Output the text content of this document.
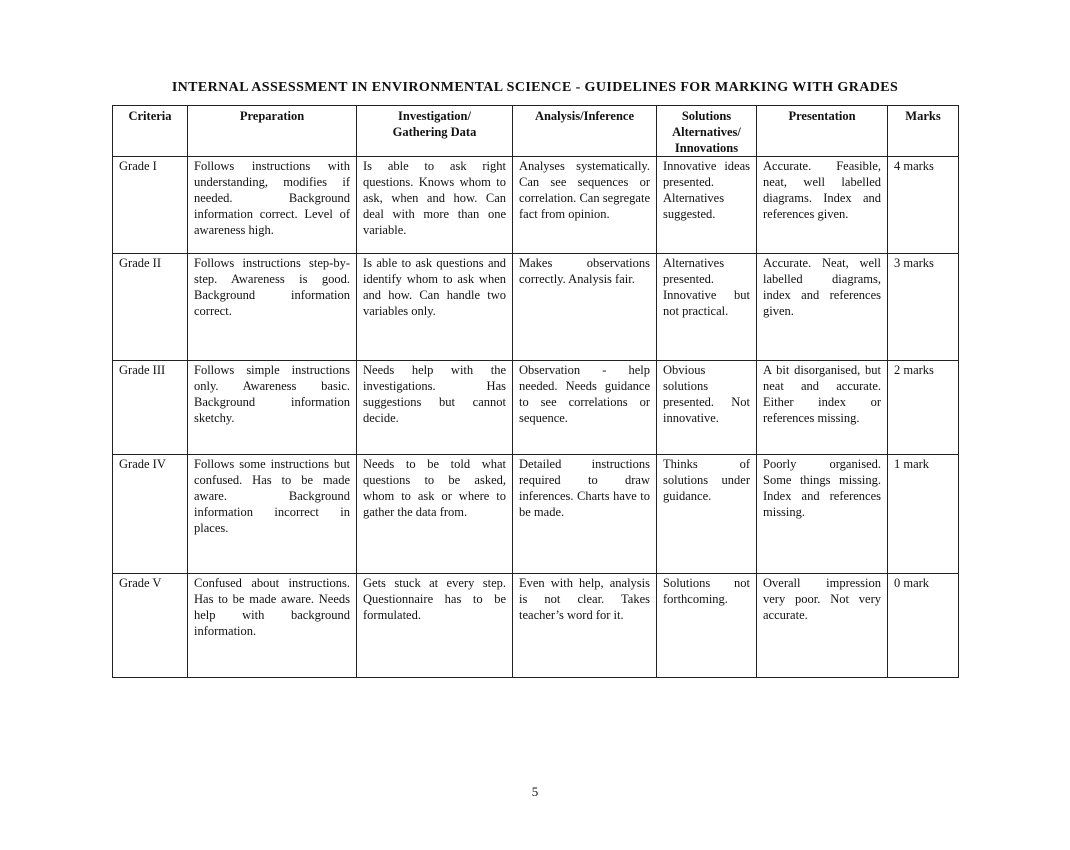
INTERNAL ASSESSMENT IN ENVIRONMENTAL SCIENCE - GUIDELINES FOR MARKING WITH GRADES
Criteria	Preparation	Investigation/ Gathering Data	Analysis/Inference	Solutions Alternatives/ Innovations	Presentation	Marks
Grade I	Follows instructions with understanding, modifies if needed. Background information correct. Level of awareness high.	Is able to ask right questions. Knows whom to ask, when and how. Can deal with more than one variable.	Analyses systematically. Can see sequences or correlation. Can segregate fact from opinion.	Innovative ideas presented. Alternatives suggested.	Accurate. Feasible, neat, well labelled diagrams. Index and references given.	4 marks
Grade II	Follows instructions step-by-step. Awareness is good. Background information correct.	Is able to ask questions and identify whom to ask when and how. Can handle two variables only.	Makes observations correctly. Analysis fair.	Alternatives presented. Innovative but not practical.	Accurate. Neat, well labelled diagrams, index and references given.	3 marks
Grade III	Follows simple instructions only. Awareness basic. Background information sketchy.	Needs help with the investigations. Has suggestions but cannot decide.	Observation - help needed. Needs guidance to see correlations or sequence.	Obvious solutions presented. Not innovative.	A bit disorganised, but neat and accurate. Either index or references missing.	2 marks
Grade IV	Follows some instructions but confused. Has to be made aware. Background information incorrect in places.	Needs to be told what questions to be asked, whom to ask or where to gather the data from.	Detailed instructions required to draw inferences. Charts have to be made.	Thinks of solutions under guidance.	Poorly organised. Some things missing. Index and references missing.	1 mark
Grade V	Confused about instructions. Has to be made aware. Needs help with background information.	Gets stuck at every step. Questionnaire has to be formulated.	Even with help, analysis is not clear. Takes teacher’s word for it.	Solutions not forthcoming.	Overall impression very poor. Not very accurate.	0 mark
5
